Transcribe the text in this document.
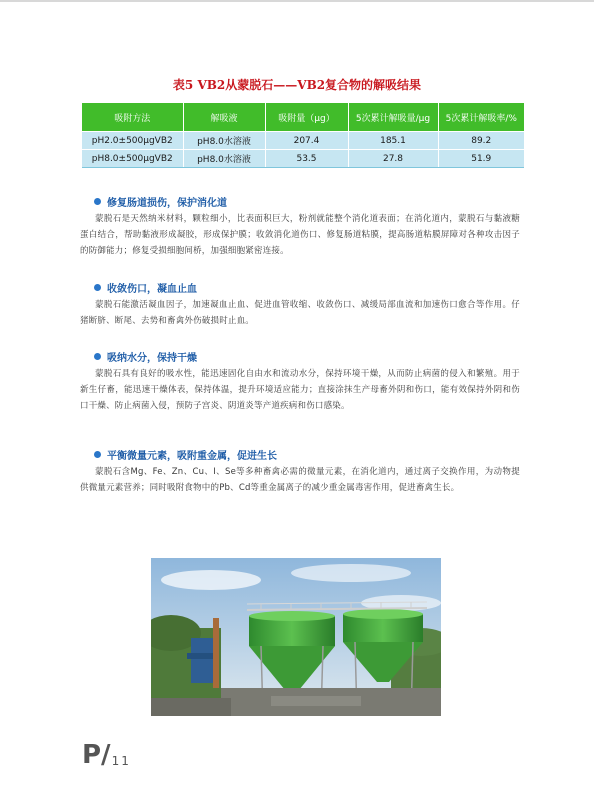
表5 VB2从蒙脱石——VB2复合物的解吸结果
吸附方法	解吸液	吸附量（μg）	5次累计解吸量/μg	5次累计解吸率/%
pH2.0±500μgVB2	pH8.0水溶液	207.4	185.1	89.2
pH8.0±500μgVB2	pH8.0水溶液	53.5	27.8	51.9
修复肠道损伤，保护消化道

蒙脱石是天然纳米材料，颗粒细小，比表面积巨大，粉剂就能整个消化道表面；在消化道内，蒙脱石与黏液糖蛋白结合，帮助黏液形成凝胶，形成保护膜；收敛消化道伤口、修复肠道粘膜，提高肠道粘膜屏障对各种攻击因子的防御能力；修复受损细胞间桥，加强细胞紧密连接。

收敛伤口，凝血止血

蒙脱石能激活凝血因子，加速凝血止血、促进血管收缩、收敛伤口、减缓局部血流和加速伤口愈合等作用。仔猪断脐、断尾、去势和畜禽外伤破损时止血。

吸纳水分，保持干燥

蒙脱石具有良好的吸水性，能迅速固化自由水和流动水分，保持环境干燥，从而防止病菌的侵入和繁殖。用于新生仔畜，能迅速干燥体表，保持体温，提升环境适应能力；直接涂抹生产母畜外阴和伤口，能有效保持外阴和伤口干燥、防止病菌入侵，预防子宫炎、阴道炎等产道疾病和伤口感染。

平衡微量元素，吸附重金属，促进生长

蒙脱石含Mg、Fe、Zn、Cu、I、Se等多种畜禽必需的微量元素，在消化道内，通过离子交换作用，为动物提供微量元素营养；同时吸附食物中的Pb、Cd等重金属离子的减少重金属毒害作用，促进畜禽生长。

P/ 11
